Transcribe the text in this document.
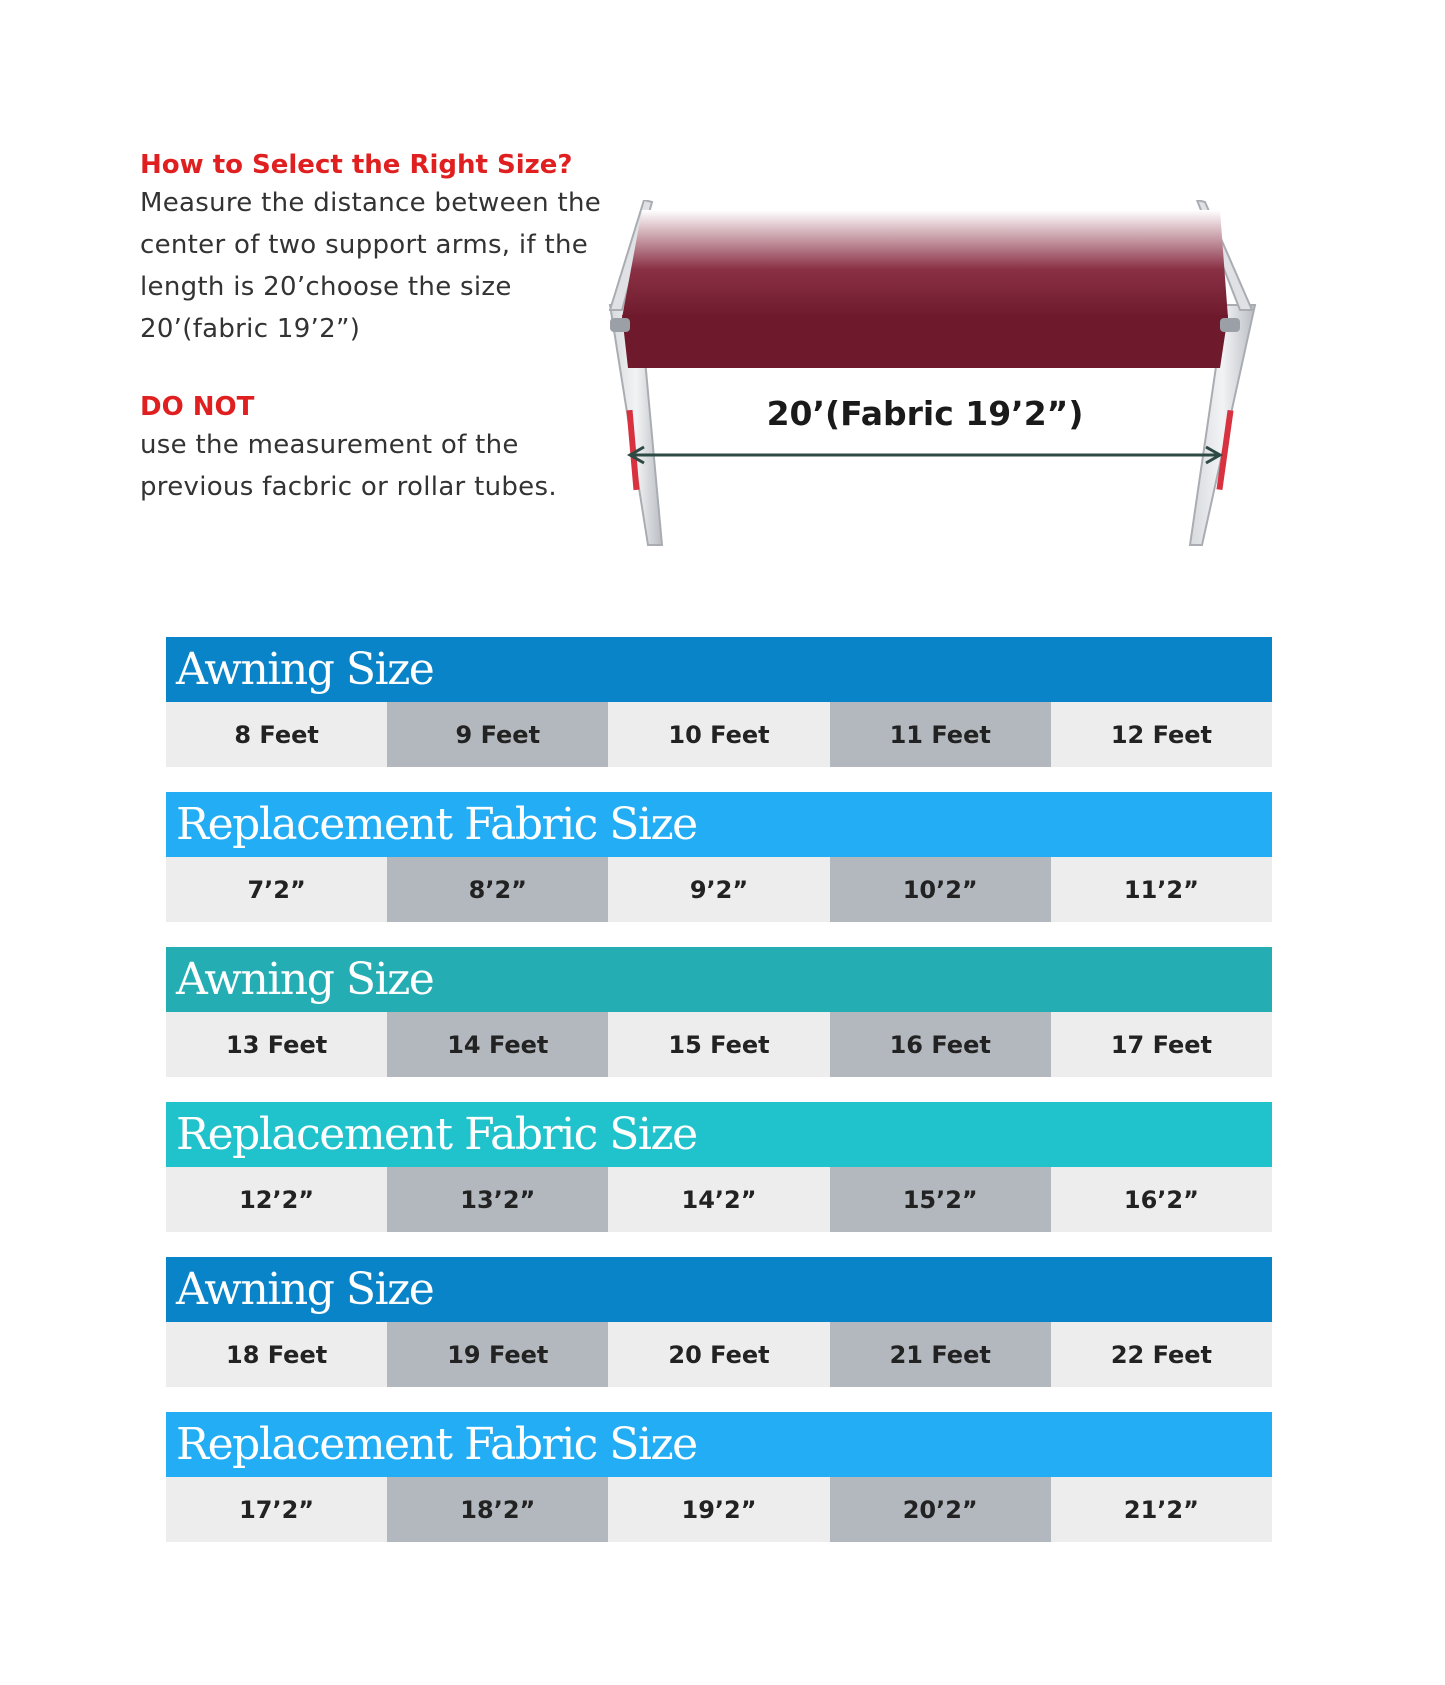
How to Select the Right Size?

Measure the distance between the

center of two support arms, if the

length is 20’choose the size

20’(fabric 19’2”)

DO NOT

use the measurement of the

previous facbric or rollar tubes.

20’(Fabric 19’2”)
Awning Size
8 Feet	9 Feet	10 Feet	11 Feet	12 Feet
Replacement Fabric Size
7’2”	8’2”	9’2”	10’2”	11’2”
Awning Size
13 Feet	14 Feet	15 Feet	16 Feet	17 Feet
Replacement Fabric Size
12’2”	13’2”	14’2”	15’2”	16’2”
Awning Size
18 Feet	19 Feet	20 Feet	21 Feet	22 Feet
Replacement Fabric Size
17’2”	18’2”	19’2”	20’2”	21’2”
